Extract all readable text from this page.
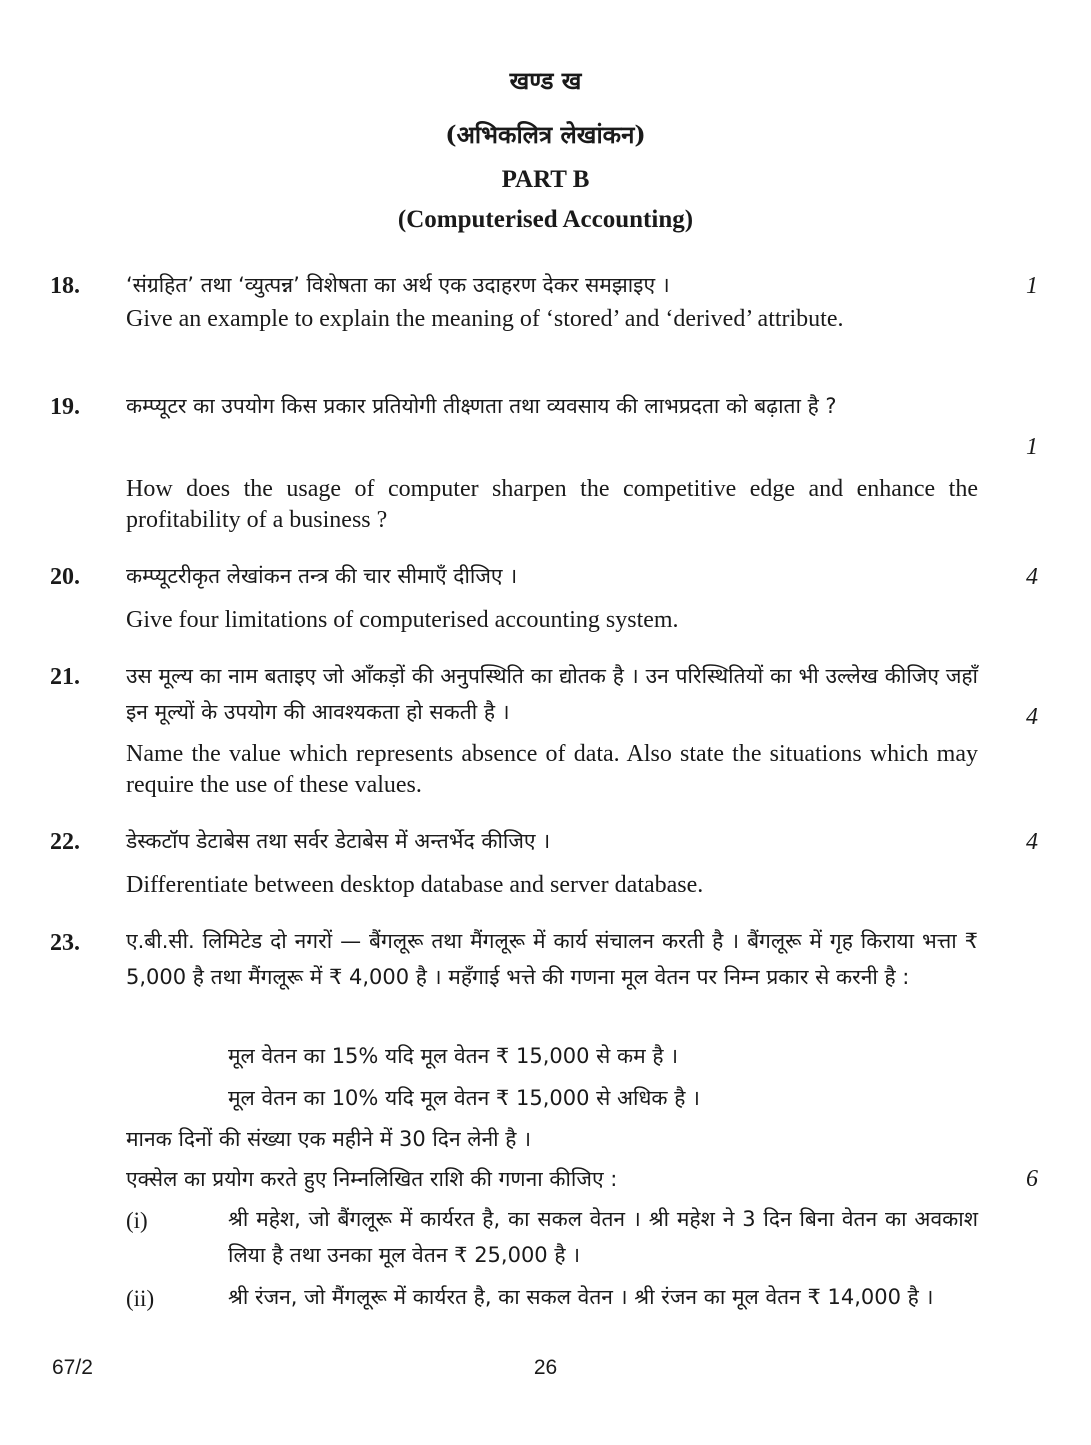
खण्ड ख
(अभिकलित्र लेखांकन)
PART B
(Computerised Accounting)
18. ‘संग्रहित’ तथा ‘व्युत्पन्न’ विशेषता का अर्थ एक उदाहरण देकर समझाइए ।	1
Give an example to explain the meaning of ‘stored’ and ‘derived’ attribute.
19. कम्प्यूटर का उपयोग किस प्रकार प्रतियोगी तीक्ष्णता तथा व्यवसाय की लाभप्रदता को बढ़ाता है ?
1
How does the usage of computer sharpen the competitive edge and enhance the profitability of a business ?
20. कम्प्यूटरीकृत लेखांकन तन्त्र की चार सीमाएँ दीजिए ।	4
Give four limitations of computerised accounting system.
21. उस मूल्य का नाम बताइए जो आँकड़ों की अनुपस्थिति का द्योतक है । उन परिस्थितियों का भी उल्लेख कीजिए जहाँ इन मूल्यों के उपयोग की आवश्यकता हो सकती है ।	4
Name the value which represents absence of data. Also state the situations which may require the use of these values.
22. डेस्कटॉप डेटाबेस तथा सर्वर डेटाबेस में अन्तर्भेद कीजिए ।	4
Differentiate between desktop database and server database.
23. ए.बी.सी. लिमिटेड दो नगरों — बैंगलूरू तथा मैंगलूरू में कार्य संचालन करती है । बैंगलूरू में गृह किराया भत्ता ₹ 5,000 है तथा मैंगलूरू में ₹ 4,000 है । महँगाई भत्ते की गणना मूल वेतन पर निम्न प्रकार से करनी है :
मूल वेतन का 15% यदि मूल वेतन ₹ 15,000 से कम है ।
मूल वेतन का 10% यदि मूल वेतन ₹ 15,000 से अधिक है ।
मानक दिनों की संख्या एक महीने में 30 दिन लेनी है ।
एक्सेल का प्रयोग करते हुए निम्नलिखित राशि की गणना कीजिए :	6
(i)	श्री महेश, जो बैंगलूरू में कार्यरत है, का सकल वेतन । श्री महेश ने 3 दिन बिना वेतन का अवकाश लिया है तथा उनका मूल वेतन ₹ 25,000 है ।
(ii)	श्री रंजन, जो मैंगलूरू में कार्यरत है, का सकल वेतन । श्री रंजन का मूल वेतन ₹ 14,000 है ।
67/2	26
